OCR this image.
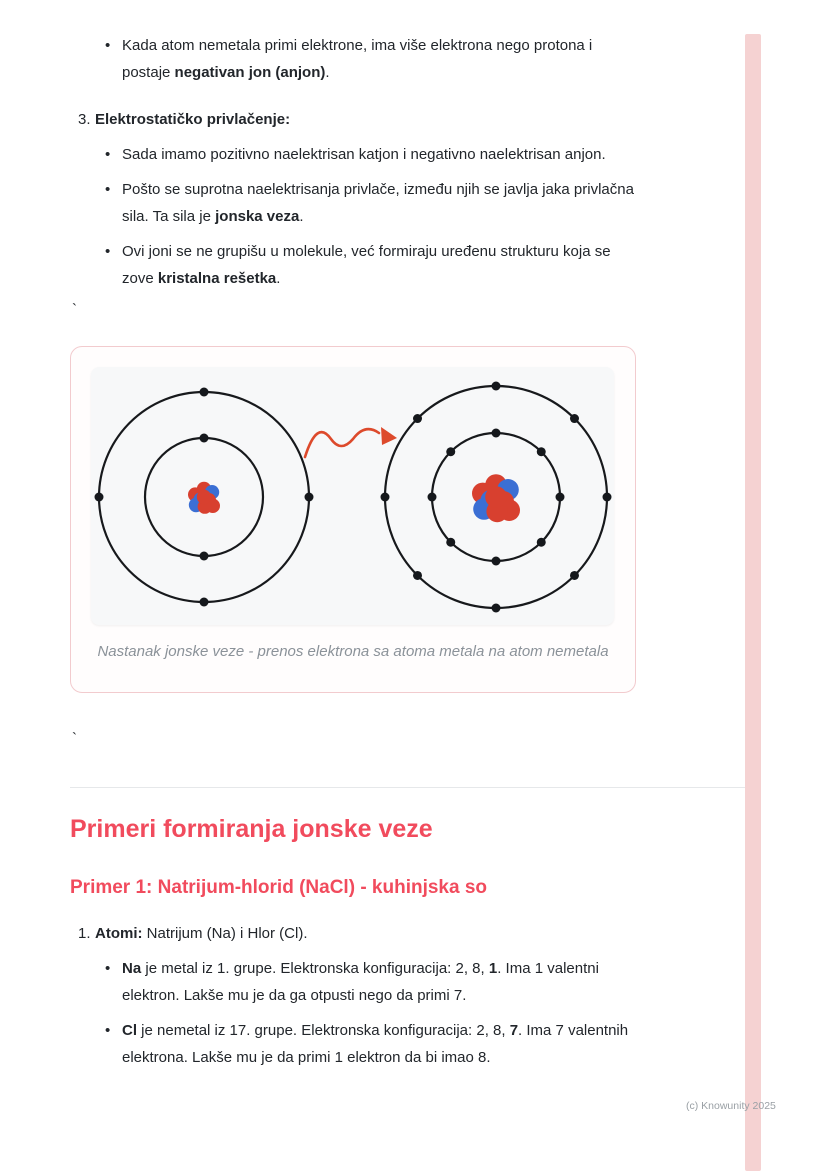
• Kada atom nemetala primi elektrone, ima više elektrona nego protona i postaje negativan jon (anjon).
3. Elektrostatičko privlačenje:
• Sada imamo pozitivno naelektrisan katjon i negativno naelektrisan anjon.
• Pošto se suprotna naelektrisanja privlače, između njih se javlja jaka privlačna sila. Ta sila je jonska veza.
• Ovi joni se ne grupišu u molekule, već formiraju uređenu strukturu koja se zove kristalna rešetka.
`
Nastanak jonske veze - prenos elektrona sa atoma metala na atom nemetala
`
Primeri formiranja jonske veze
Primer 1: Natrijum-hlorid (NaCl) - kuhinjska so
1. Atomi: Natrijum (Na) i Hlor (Cl).
• Na je metal iz 1. grupe. Elektronska konfiguracija: 2, 8, 1. Ima 1 valentni elektron. Lakše mu je da ga otpusti nego da primi 7.
• Cl je nemetal iz 17. grupe. Elektronska konfiguracija: 2, 8, 7. Ima 7 valentnih elektrona. Lakše mu je da primi 1 elektron da bi imao 8.
(c) Knowunity 2025
